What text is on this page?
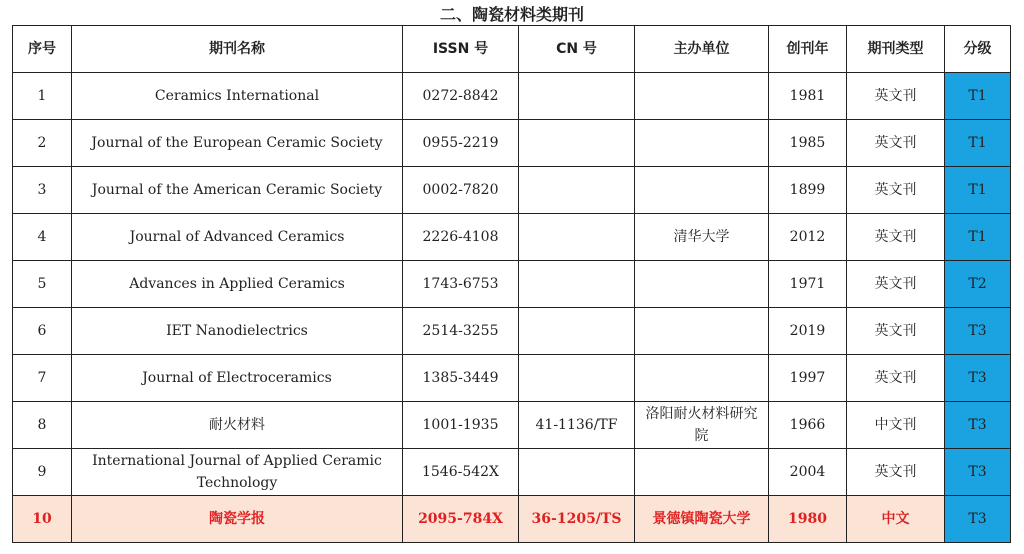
二、陶瓷材料类期刊
序号	期刊名称	ISSN 号	CN 号	主办单位	创刊年	期刊类型	分级
1	Ceramics International	0272-8842			1981	英文刊	T1
2	Journal of the European Ceramic Society	0955-2219			1985	英文刊	T1
3	Journal of the American Ceramic Society	0002-7820			1899	英文刊	T1
4	Journal of Advanced Ceramics	2226-4108		清华大学	2012	英文刊	T1
5	Advances in Applied Ceramics	1743-6753			1971	英文刊	T2
6	IET Nanodielectrics	2514-3255			2019	英文刊	T3
7	Journal of Electroceramics	1385-3449			1997	英文刊	T3
8	耐火材料	1001-1935	41-1136/TF	洛阳耐火材料研究院	1966	中文刊	T3
9	International Journal of Applied Ceramic Technology	1546-542X			2004	英文刊	T3
10	陶瓷学报	2095-784X	36-1205/TS	景德镇陶瓷大学	1980	中文	T3
